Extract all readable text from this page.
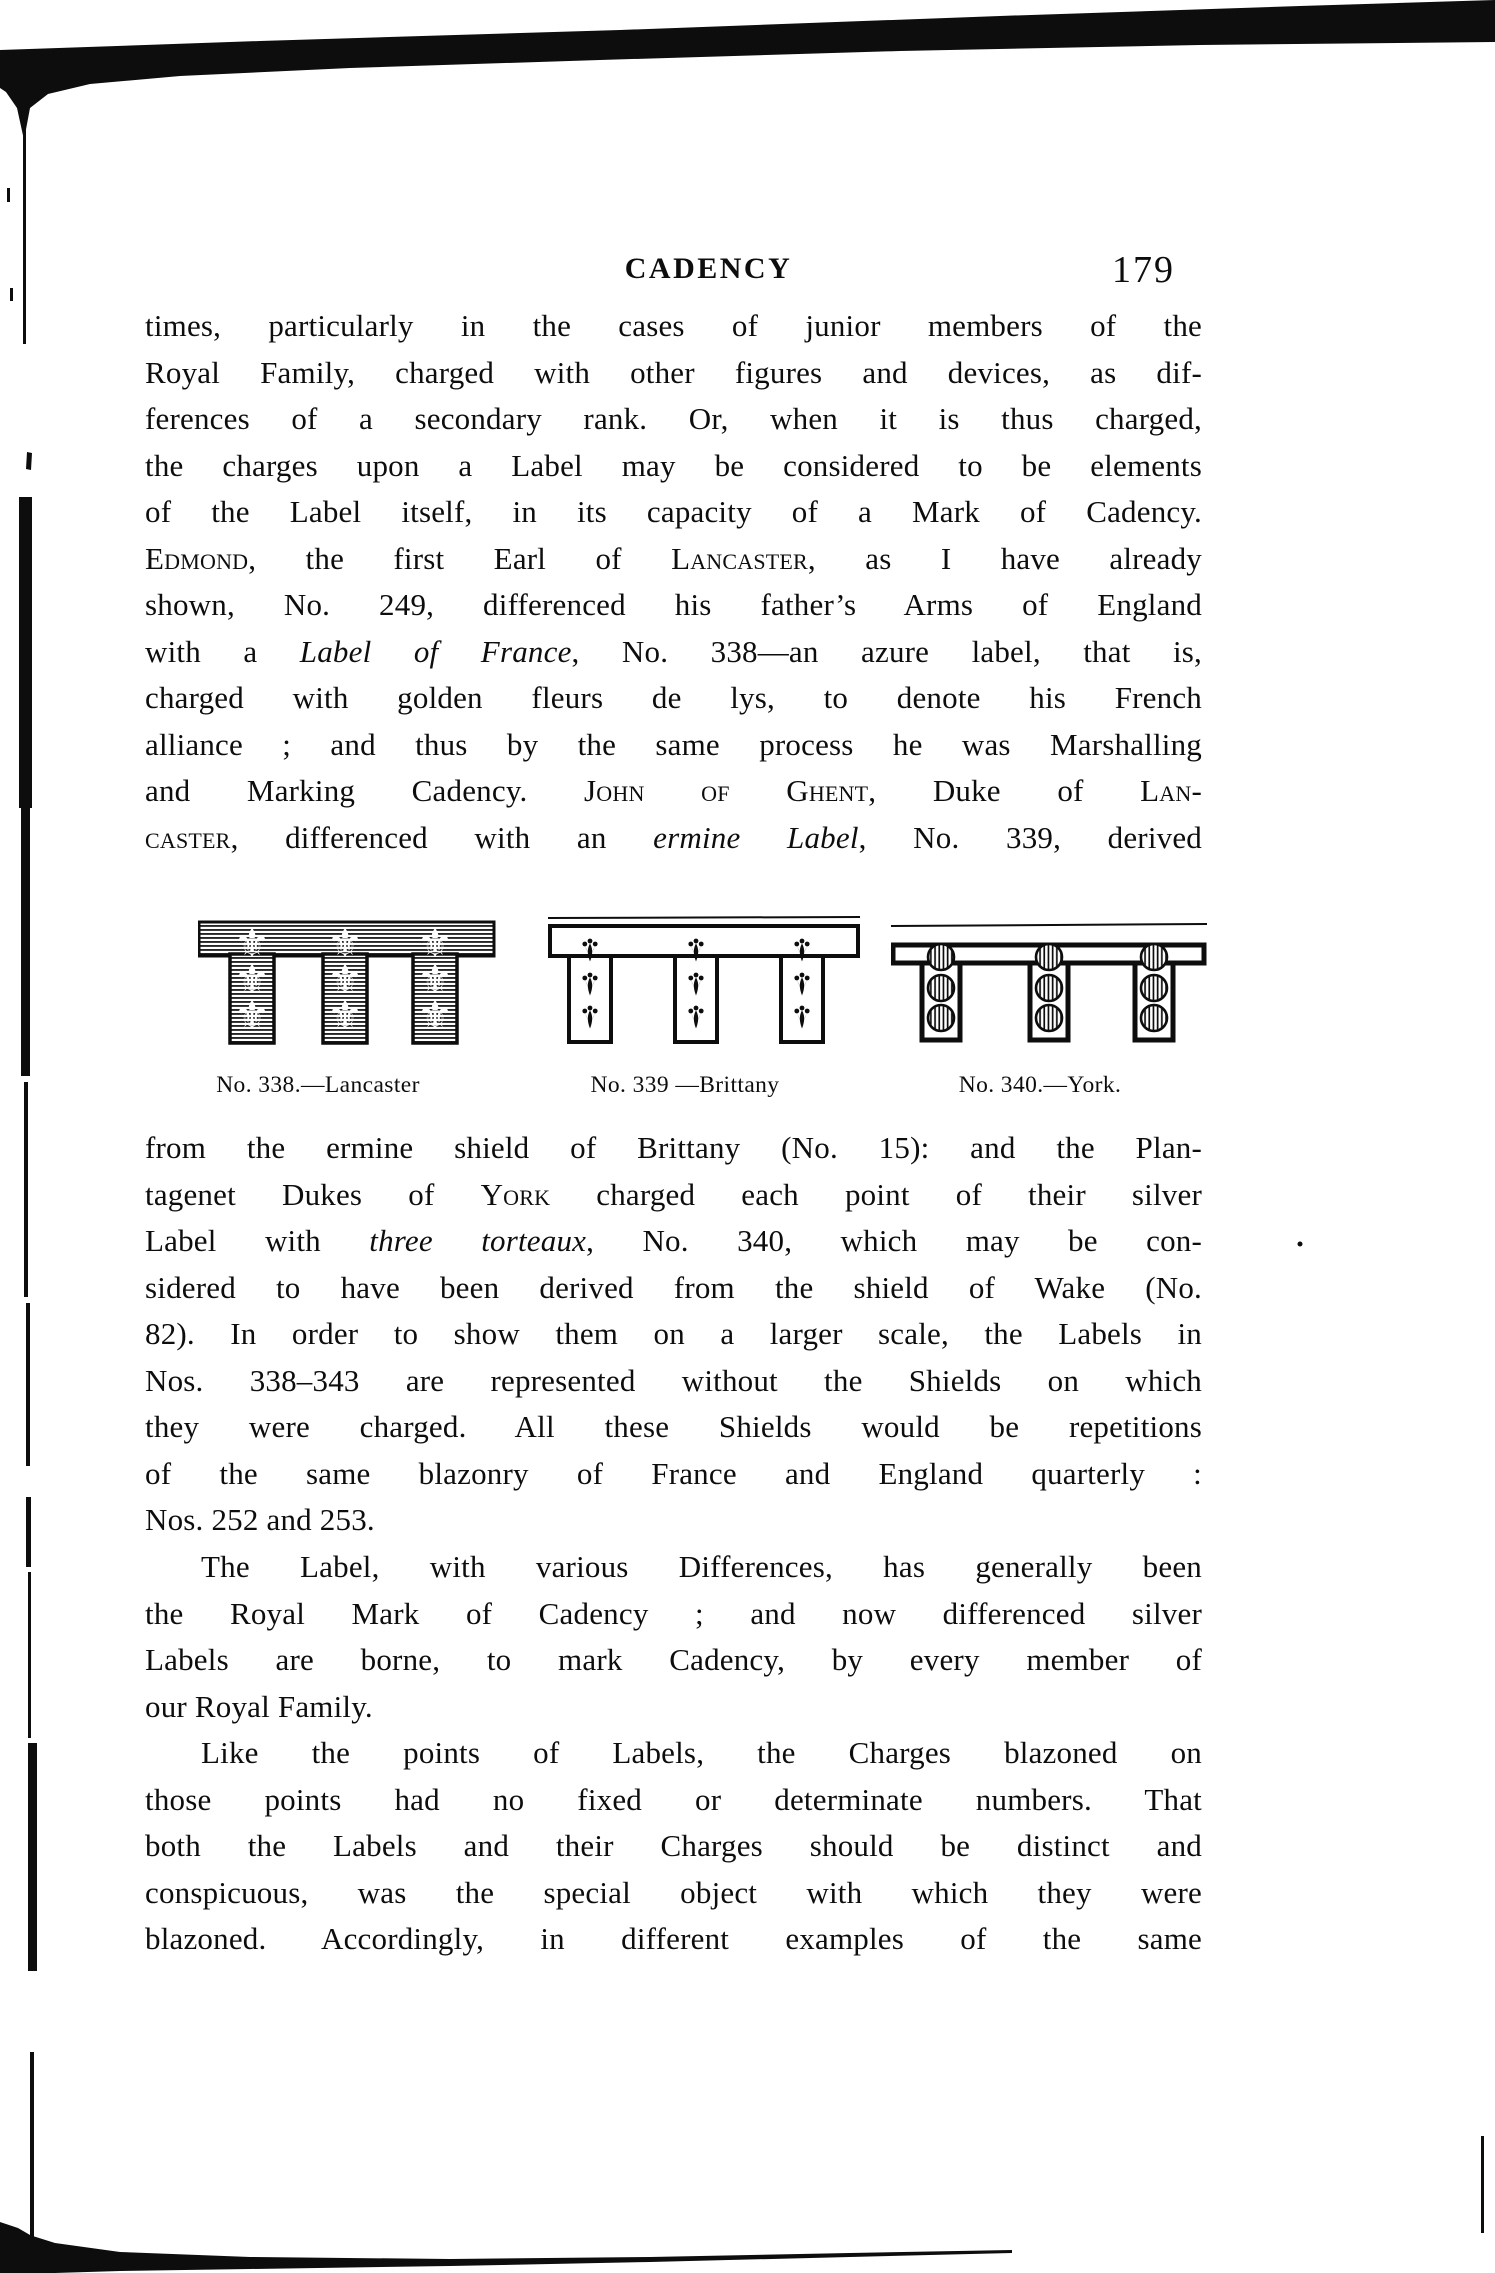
CADENCY	179
times, particularly in the cases of junior members of the
Royal Family, charged with other figures and devices, as dif-
ferences of a secondary rank. Or, when it is thus charged,
the charges upon a Label may be considered to be elements
of the Label itself, in its capacity of a Mark of Cadency.
Edmond, the first Earl of Lancaster, as I have already
shown, No. 249, differenced his father’s Arms of England
with a Label of France, No. 338—an azure label, that is,
charged with golden fleurs de lys, to denote his French
alliance ; and thus by the same process he was Marshalling
and Marking Cadency. John of Ghent, Duke of Lan-
caster, differenced with an ermine Label, No. 339, derived
from the ermine shield of Brittany (No. 15): and the Plan-
tagenet Dukes of York charged each point of their silver
Label with three torteaux, No. 340, which may be con-
sidered to have been derived from the shield of Wake (No.
82). In order to show them on a larger scale, the Labels in
Nos. 338–343 are represented without the Shields on which
they were charged. All these Shields would be repetitions
of the same blazonry of France and England quarterly :
Nos. 252 and 253.
The Label, with various Differences, has generally been
the Royal Mark of Cadency ; and now differenced silver
Labels are borne, to mark Cadency, by every member of
our Royal Family.
Like the points of Labels, the Charges blazoned on
those points had no fixed or determinate numbers. That
both the Labels and their Charges should be distinct and
conspicuous, was the special object with which they were
blazoned. Accordingly, in different examples of the same
⚜
⚜
⚜
⚜
⚜
⚜
⚜
⚜
⚜
No. 338.—Lancaster	No. 339 —Brittany	No. 340.—York.
